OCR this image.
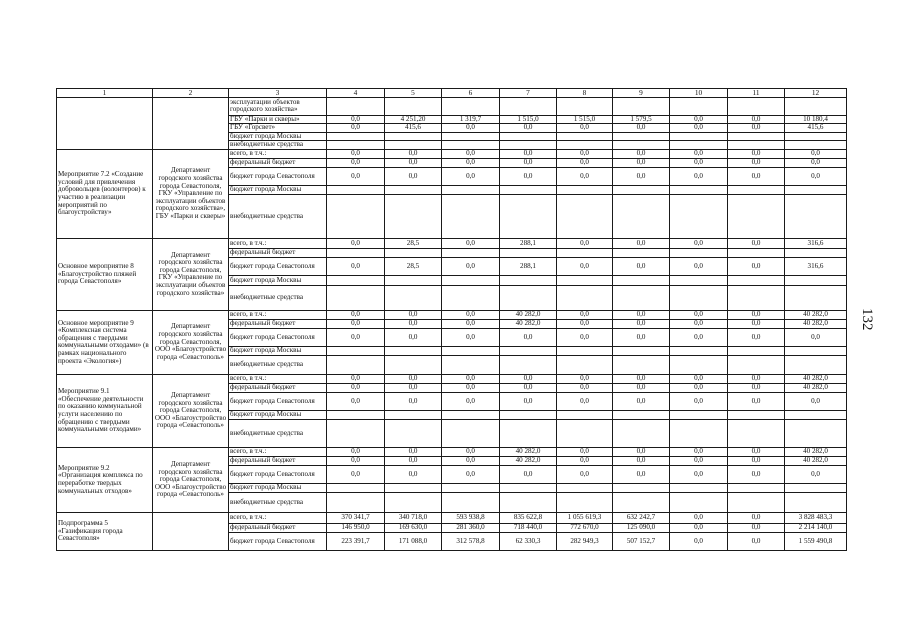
1	2	3	4	5	6	7	8	9	10	11	12
		эксплуатации объектов городского хозяйства»									
		ГБУ «Парки и скверы»	0,0	4 251,20	1 319,7	1 515,0	1 515,0	1 579,5	0,0	0,0	10 180,4
		ГБУ «Горсвет»	0,0	415,6	0,0	0,0	0,0	0,0	0,0	0,0	415,6
		бюджет города Москвы									
		внебюджетные средства									
Мероприятие 7.2 «Создание условий для привлечения добровольцев (волонтеров) к участию в реализации мероприятий по благоустройству»	Департамент городского хозяйства города Севастополя, ГКУ «Управление по эксплуатации объектов городского хозяйства», ГБУ «Парки и скверы»	всего, в т.ч.:	0,0	0,0	0,0	0,0	0,0	0,0	0,0	0,0	0,0
		федеральный бюджет	0,0	0,0	0,0	0,0	0,0	0,0	0,0	0,0	0,0
		бюджет города Севастополя	0,0	0,0	0,0	0,0	0,0	0,0	0,0	0,0	0,0
		бюджет города Москвы									
		внебюджетные средства									
Основное мероприятие 8 «Благоустройство пляжей города Севастополя»	Департамент городского хозяйства города Севастополя, ГКУ «Управление по эксплуатации объектов городского хозяйства»	всего, в т.ч.:	0,0	28,5	0,0	288,1	0,0	0,0	0,0	0,0	316,6
		федеральный бюджет									
		бюджет города Севастополя	0,0	28,5	0,0	288,1	0,0	0,0	0,0	0,0	316,6
		бюджет города Москвы									
		внебюджетные средства									
Основное мероприятие 9 «Комплексная система обращения с твердыми коммунальными отходами» (в рамках национального проекта «Экология»)	Департамент городского хозяйства города Севастополя, ООО «Благоустройство города «Севастополь»	всего, в т.ч.:	0,0	0,0	0,0	40 282,0	0,0	0,0	0,0	0,0	40 282,0
		федеральный бюджет	0,0	0,0	0,0	40 282,0	0,0	0,0	0,0	0,0	40 282,0
		бюджет города Севастополя	0,0	0,0	0,0	0,0	0,0	0,0	0,0	0,0	0,0
		бюджет города Москвы									
		внебюджетные средства									
Мероприятие 9.1 «Обеспечение деятельности по оказанию коммунальной услуги населению по обращению с твердыми коммунальными отходами»	Департамент городского хозяйства города Севастополя, ООО «Благоустройство города «Севастополь»	всего, в т.ч.:	0,0	0,0	0,0	0,0	0,0	0,0	0,0	0,0	40 282,0
		федеральный бюджет	0,0	0,0	0,0	0,0	0,0	0,0	0,0	0,0	40 282,0
		бюджет города Севастополя	0,0	0,0	0,0	0,0	0,0	0,0	0,0	0,0	0,0
		бюджет города Москвы									
		внебюджетные средства									
Мероприятие 9.2 «Организация комплекса по переработке твердых коммунальных отходов»	Департамент городского хозяйства города Севастополя, ООО «Благоустройство города «Севастополь»	всего, в т.ч.:	0,0	0,0	0,0	40 282,0	0,0	0,0	0,0	0,0	40 282,0
		федеральный бюджет	0,0	0,0	0,0	40 282,0	0,0	0,0	0,0	0,0	40 282,0
		бюджет города Севастополя	0,0	0,0	0,0	0,0	0,0	0,0	0,0	0,0	0,0
		бюджет города Москвы									
		внебюджетные средства									
Подпрограмма 5 «Газификация города Севастополя»		всего, в т.ч.:	370 341,7	340 718,0	593 938,8	835 622,8	1 055 619,3	632 242,7	0,0	0,0	3 828 483,3
		федеральный бюджет	146 950,0	169 630,0	281 360,0	718 440,0	772 670,0	125 090,0	0,0	0,0	2 214 140,0
		бюджет города Севастополя	223 391,7	171 088,0	312 578,8	62 330,3	282 949,3	507 152,7	0,0	0,0	1 559 490,8
132
